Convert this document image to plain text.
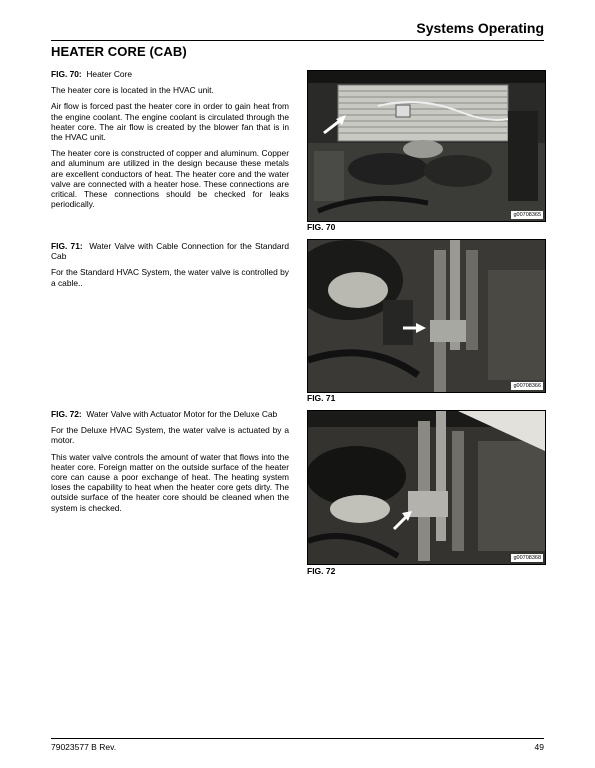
Systems Operating
HEATER CORE (CAB)
FIG. 70: Heater Core

The heater core is located in the HVAC unit.

Air flow is forced past the heater core in order to gain heat from the engine coolant. The engine coolant is circulated through the heater core. The air flow is created by the blower fan that is in the HVAC unit.

The heater core is constructed of copper and aluminum. Copper and aluminum are utilized in the design because these metals are excellent conductors of heat. The heater core and the water valve are connected with a heater hose. These connections are critical. These connections should be checked for leaks periodically.

FIG. 71: Water Valve with Cable Connection for the Standard Cab

For the Standard HVAC System, the water valve is controlled by a cable..

FIG. 72: Water Valve with Actuator Motor for the Deluxe Cab

For the Deluxe HVAC System, the water valve is actuated by a motor.

This water valve controls the amount of water that flows into the heater core. Foreign matter on the outside surface of the heater core can cause a poor exchange of heat. The heating system loses the capability to heat when the heater core gets dirty. The outside surface of the heater core should be cleaned when the system is checked.

g00708365
FIG. 70
g00708366
FIG. 71
g00708368
FIG. 72
79023577 B Rev.	49
